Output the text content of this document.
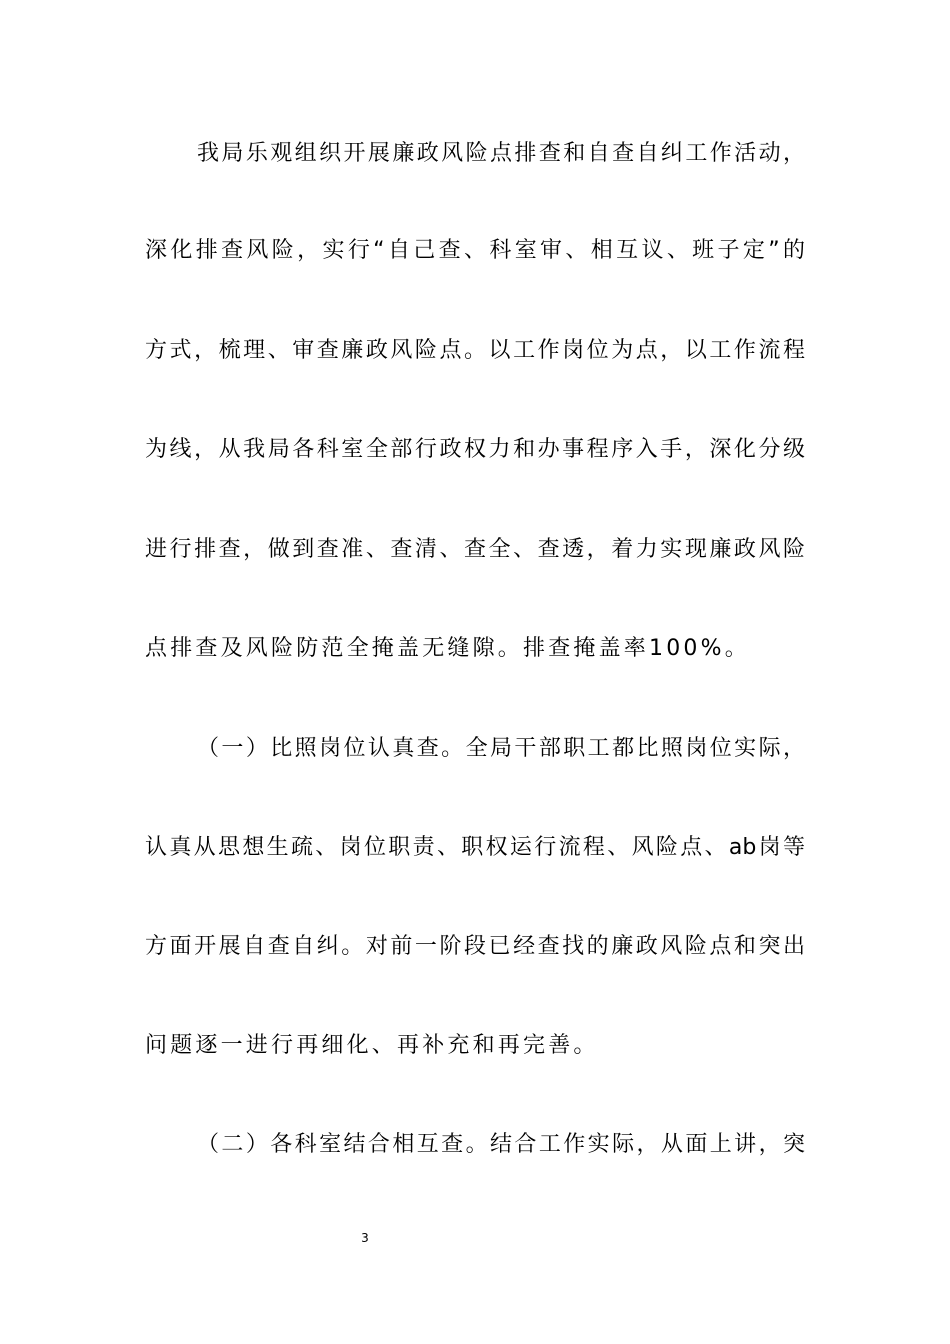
我局乐观组织开展廉政风险点排查和自查自纠工作活动，
深化排查风险，实行“自己查、科室审、相互议、班子定”的
方式，梳理、审查廉政风险点。以工作岗位为点，以工作流程
为线，从我局各科室全部行政权力和办事程序入手，深化分级
进行排查，做到查准、查清、查全、查透，着力实现廉政风险
点排查及风险防范全掩盖无缝隙。排查掩盖率100%。
（一）比照岗位认真查。全局干部职工都比照岗位实际，
认真从思想生疏、岗位职责、职权运行流程、风险点、ab岗等
方面开展自查自纠。对前一阶段已经查找的廉政风险点和突出
问题逐一进行再细化、再补充和再完善。
（二）各科室结合相互查。结合工作实际，从面上讲，突
3
